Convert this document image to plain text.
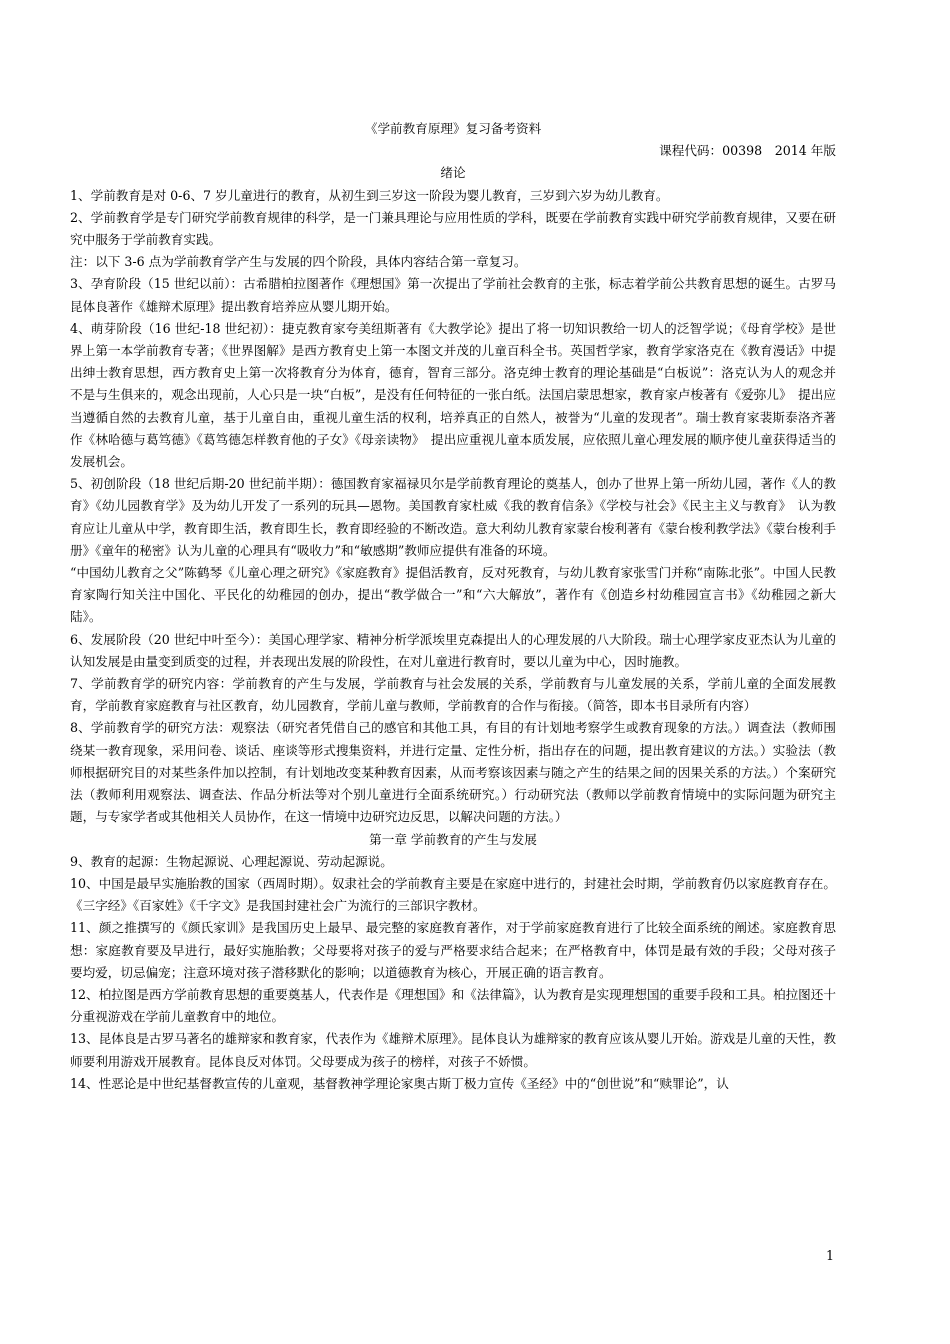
《学前教育原理》复习备考资料

课程代码：00398　2014 年版

绪论

1、学前教育是对 0-6、7 岁儿童进行的教育，从初生到三岁这一阶段为婴儿教育，三岁到六岁为幼儿教育。

2、学前教育学是专门研究学前教育规律的科学，是一门兼具理论与应用性质的学科，既要在学前教育实践中研究学前教育规律，又要在研究中服务于学前教育实践。

注：以下 3-6 点为学前教育学产生与发展的四个阶段，具体内容结合第一章复习。

3、孕育阶段（15 世纪以前）：古希腊柏拉图著作《理想国》第一次提出了学前社会教育的主张，标志着学前公共教育思想的诞生。古罗马昆体良著作《雄辩术原理》提出教育培养应从婴儿期开始。

4、萌芽阶段（16 世纪-18 世纪初）：捷克教育家夸美纽斯著有《大教学论》提出了将一切知识教给一切人的泛智学说；《母育学校》是世界上第一本学前教育专著；《世界图解》是西方教育史上第一本图文并茂的儿童百科全书。英国哲学家，教育学家洛克在《教育漫话》中提出绅士教育思想，西方教育史上第一次将教育分为体育，德育，智育三部分。洛克绅士教育的理论基础是“白板说”：洛克认为人的观念并不是与生俱来的，观念出现前，人心只是一块“白板”，是没有任何特征的一张白纸。法国启蒙思想家，教育家卢梭著有《爱弥儿》　提出应当遵循自然的去教育儿童，基于儿童自由，重视儿童生活的权利，培养真正的自然人，被誉为“儿童的发现者”。瑞士教育家裴斯泰洛齐著作《林哈德与葛笃德》《葛笃德怎样教育他的子女》《母亲读物》　提出应重视儿童本质发展，应依照儿童心理发展的顺序使儿童获得适当的发展机会。

5、初创阶段（18 世纪后期-20 世纪前半期）：德国教育家福禄贝尔是学前教育理论的奠基人，创办了世界上第一所幼儿园，著作《人的教育》《幼儿园教育学》及为幼儿开发了一系列的玩具—恩物。美国教育家杜威《我的教育信条》《学校与社会》《民主主义与教育》　认为教育应让儿童从中学，教育即生活，教育即生长，教育即经验的不断改造。意大利幼儿教育家蒙台梭利著有《蒙台梭利教学法》《蒙台梭利手册》《童年的秘密》认为儿童的心理具有“吸收力”和“敏感期”教师应提供有准备的环境。

“中国幼儿教育之父”陈鹤琴《儿童心理之研究》《家庭教育》提倡活教育，反对死教育，与幼儿教育家张雪门并称“南陈北张”。中国人民教育家陶行知关注中国化、平民化的幼稚园的创办，提出“教学做合一”和“六大解放”，著作有《创造乡村幼稚园宣言书》《幼稚园之新大陆》。

6、发展阶段（20 世纪中叶至今）：美国心理学家、精神分析学派埃里克森提出人的心理发展的八大阶段。瑞士心理学家皮亚杰认为儿童的认知发展是由量变到质变的过程，并表现出发展的阶段性，在对儿童进行教育时，要以儿童为中心，因时施教。

7、学前教育学的研究内容：学前教育的产生与发展，学前教育与社会发展的关系，学前教育与儿童发展的关系，学前儿童的全面发展教育，学前教育家庭教育与社区教育，幼儿园教育，学前儿童与教师，学前教育的合作与衔接。（简答，即本书目录所有内容）

8、学前教育学的研究方法：观察法（研究者凭借自己的感官和其他工具，有目的有计划地考察学生或教育现象的方法。）调查法（教师围绕某一教育现象，采用问卷、谈话、座谈等形式搜集资料，并进行定量、定性分析，指出存在的问题，提出教育建议的方法。）实验法（教师根据研究目的对某些条件加以控制，有计划地改变某种教育因素，从而考察该因素与随之产生的结果之间的因果关系的方法。）个案研究法（教师利用观察法、调查法、作品分析法等对个别儿童进行全面系统研究。）行动研究法（教师以学前教育情境中的实际问题为研究主题，与专家学者或其他相关人员协作，在这一情境中边研究边反思，以解决问题的方法。）

第一章 学前教育的产生与发展

9、教育的起源：生物起源说、心理起源说、劳动起源说。

10、中国是最早实施胎教的国家（西周时期）。奴隶社会的学前教育主要是在家庭中进行的，封建社会时期，学前教育仍以家庭教育存在。《三字经》《百家姓》《千字文》是我国封建社会广为流行的三部识字教材。

11、颜之推撰写的《颜氏家训》是我国历史上最早、最完整的家庭教育著作，对于学前家庭教育进行了比较全面系统的阐述。家庭教育思想：家庭教育要及早进行，最好实施胎教；父母要将对孩子的爱与严格要求结合起来；在严格教育中，体罚是最有效的手段；父母对孩子要均爱，切忌偏宠；注意环境对孩子潜移默化的影响；以道德教育为核心，开展正确的语言教育。

12、柏拉图是西方学前教育思想的重要奠基人，代表作是《理想国》和《法律篇》，认为教育是实现理想国的重要手段和工具。柏拉图还十分重视游戏在学前儿童教育中的地位。

13、昆体良是古罗马著名的雄辩家和教育家，代表作为《雄辩术原理》。昆体良认为雄辩家的教育应该从婴儿开始。游戏是儿童的天性，教师要利用游戏开展教育。昆体良反对体罚。父母要成为孩子的榜样，对孩子不娇惯。

14、性恶论是中世纪基督教宣传的儿童观，基督教神学理论家奥古斯丁极力宣传《圣经》中的“创世说”和“赎罪论”，认

1
